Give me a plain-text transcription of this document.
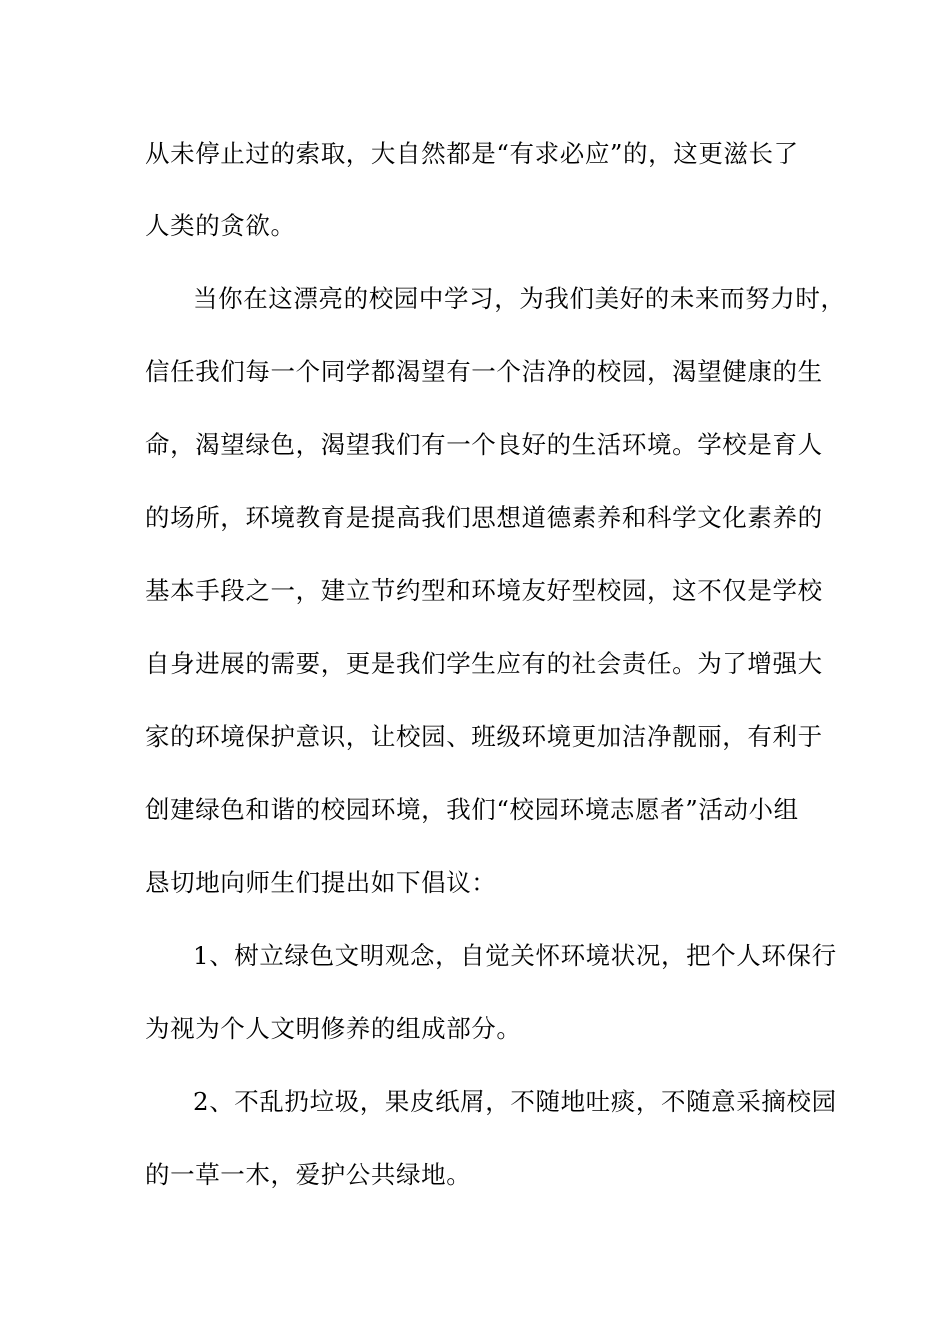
从未停止过的索取，大自然都是“有求必应”的，这更滋长了
人类的贪欲。
当你在这漂亮的校园中学习，为我们美好的未来而努力时，
信任我们每一个同学都渴望有一个洁净的校园，渴望健康的生
命，渴望绿色，渴望我们有一个良好的生活环境。学校是育人
的场所，环境教育是提高我们思想道德素养和科学文化素养的
基本手段之一，建立节约型和环境友好型校园，这不仅是学校
自身进展的需要，更是我们学生应有的社会责任。为了增强大
家的环境保护意识，让校园、班级环境更加洁净靓丽，有利于
创建绿色和谐的校园环境，我们“校园环境志愿者”活动小组
恳切地向师生们提出如下倡议：
1、树立绿色文明观念，自觉关怀环境状况，把个人环保行
为视为个人文明修养的组成部分。
2、不乱扔垃圾，果皮纸屑，不随地吐痰，不随意采摘校园
的一草一木，爱护公共绿地。
